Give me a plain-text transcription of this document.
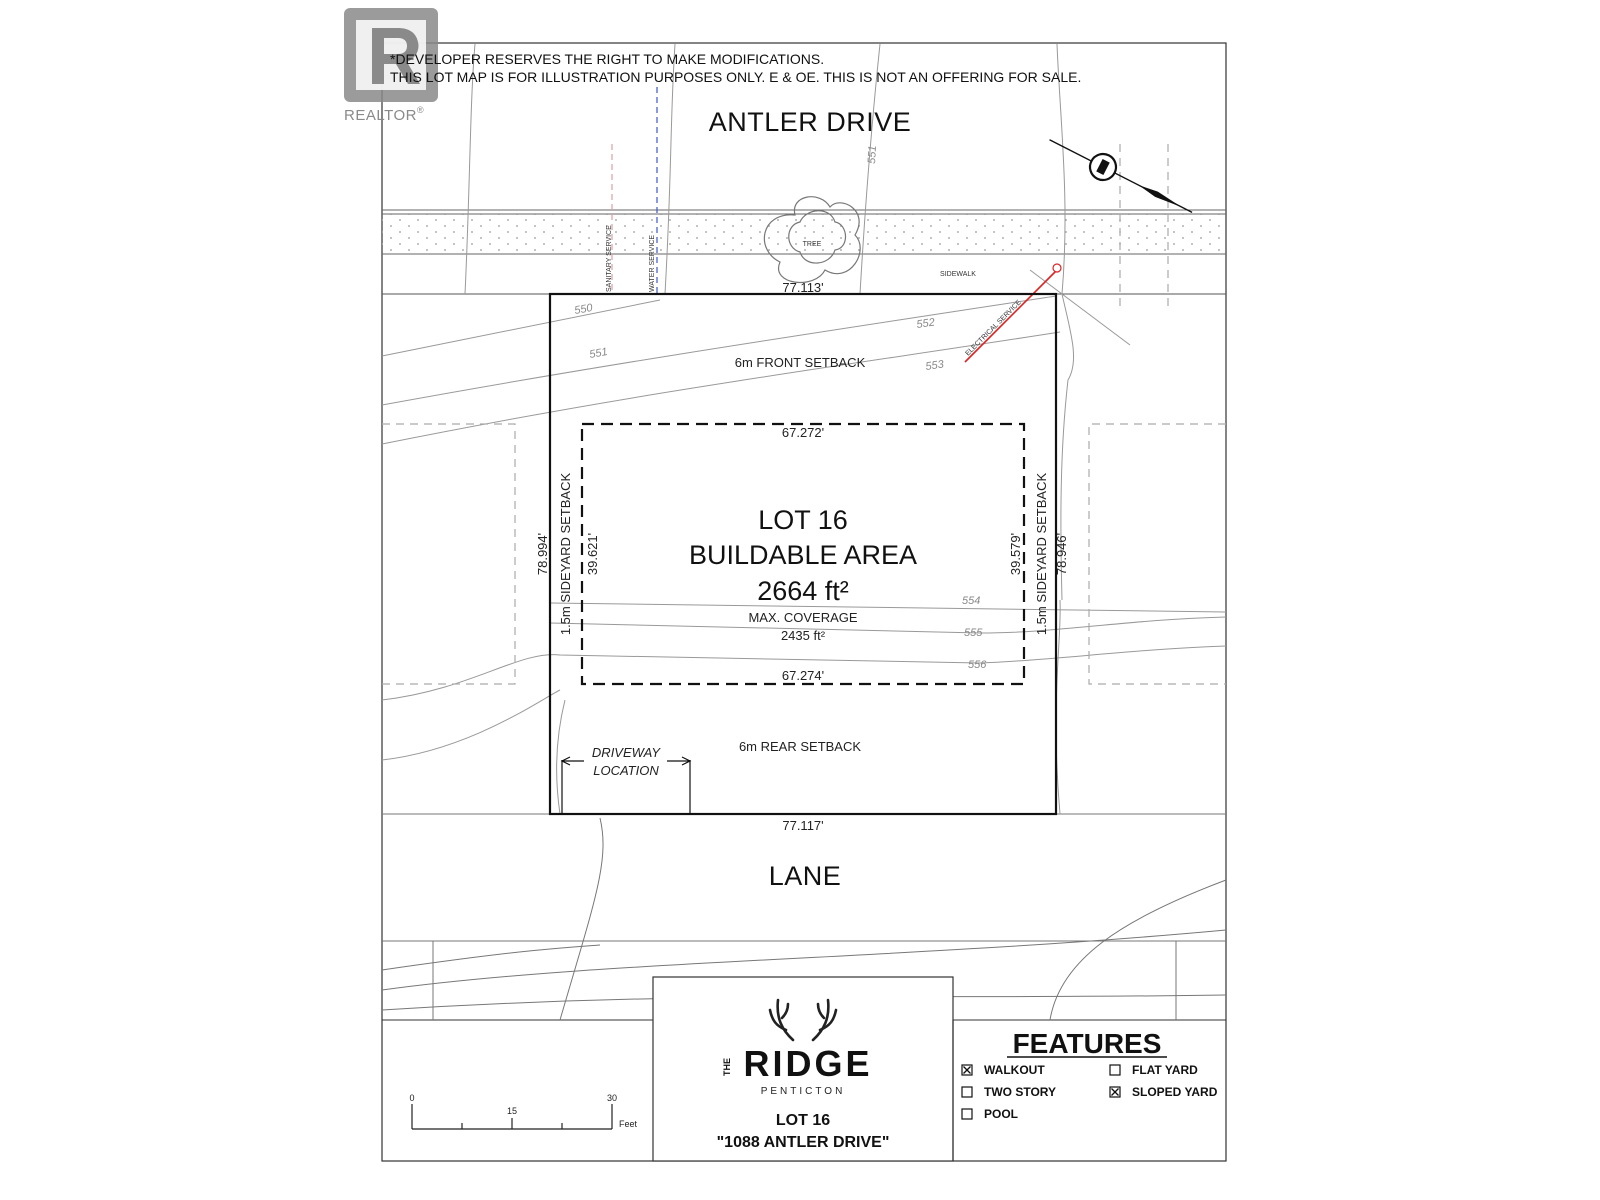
REALTOR®
*DEVELOPER RESERVES THE RIGHT TO MAKE MODIFICATIONS.
THIS LOT MAP IS FOR ILLUSTRATION PURPOSES ONLY. E & OE. THIS IS NOT AN OFFERING FOR SALE.
ANTLER DRIVE
LANE
SANITARY SERVICE	WATER SERVICE	TREE
SIDEWALK
ELECTRICAL SERVICE
550
551
551
552
553
554
555
556
77.113'
77.117'
78.994'	78.946'
6m FRONT SETBACK
6m REAR SETBACK
1.5m SIDEYARD SETBACK	1.5m SIDEYARD SETBACK
67.272'
67.274'
39.621'	39.579'
LOT 16
BUILDABLE AREA
2664 ft²
MAX. COVERAGE
2435 ft²
DRIVEWAY
LOCATION
THE RIDGE
PENTICTON
LOT 16
"1088 ANTLER DRIVE"
0
15
30
Feet
FEATURES
WALKOUT	FLAT YARD
TWO STORY	SLOPED YARD
POOL
